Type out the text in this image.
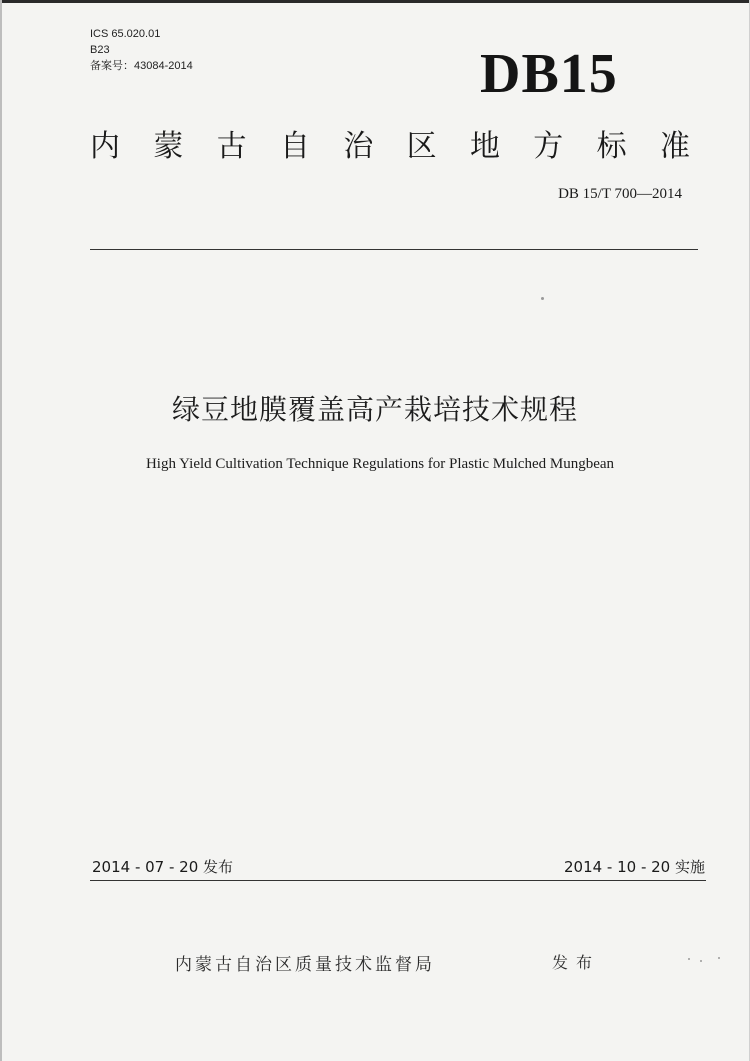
ICS 65.020.01
B23
备案号：43084-2014	DB15
内 蒙 古 自 治 区 地 方 标 准
DB 15/T 700—2014
绿豆地膜覆盖高产栽培技术规程
High Yield Cultivation Technique Regulations for Plastic Mulched Mungbean
2014 - 07 - 20 发布	2014 - 10 - 20 实施
内蒙古自治区质量技术监督局	发布
